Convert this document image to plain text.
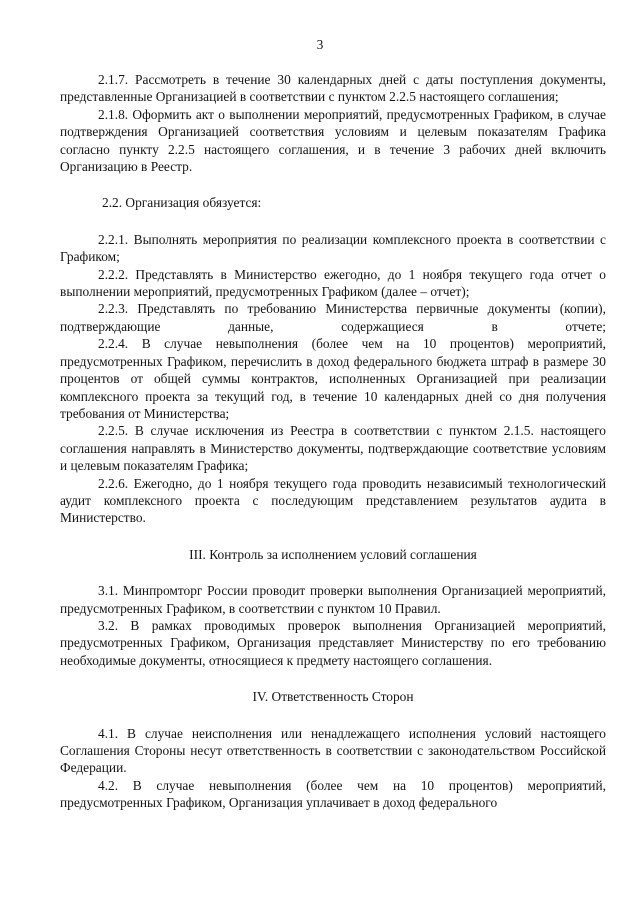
3

2.1.7. Рассмотреть в течение 30 календарных дней с даты поступления документы, представленные Организацией в соответствии с пунктом 2.2.5 настоящего соглашения;

2.1.8. Оформить акт о выполнении мероприятий, предусмотренных Графиком, в случае подтверждения Организацией соответствия условиям и целевым показателям Графика согласно пункту 2.2.5 настоящего соглашения, и в течение 3 рабочих дней включить Организацию в Реестр.

2.2. Организация обязуется:

2.2.1. Выполнять мероприятия по реализации комплексного проекта в соответствии с Графиком;

2.2.2. Представлять в Министерство ежегодно, до 1 ноября текущего года отчет о выполнении мероприятий, предусмотренных Графиком (далее – отчет);

2.2.3. Представлять по требованию Министерства первичные документы (копии), подтверждающие данные, содержащиеся в отчете;

2.2.4. В случае невыполнения (более чем на 10 процентов) мероприятий, предусмотренных Графиком, перечислить в доход федерального бюджета штраф в размере 30 процентов от общей суммы контрактов, исполненных Организацией при реализации комплексного проекта за текущий год, в течение 10 календарных дней со дня получения требования от Министерства;

2.2.5. В случае исключения из Реестра в соответствии с пунктом 2.1.5. настоящего соглашения направлять в Министерство документы, подтверждающие соответствие условиям и целевым показателям Графика;

2.2.6. Ежегодно, до 1 ноября текущего года проводить независимый технологический аудит комплексного проекта с последующим представлением результатов аудита в Министерство.

III. Контроль за исполнением условий соглашения

3.1. Минпромторг России проводит проверки выполнения Организацией мероприятий, предусмотренных Графиком, в соответствии с пунктом 10 Правил.

3.2. В рамках проводимых проверок выполнения Организацией мероприятий, предусмотренных Графиком, Организация представляет Министерству по его требованию необходимые документы, относящиеся к предмету настоящего соглашения.

IV. Ответственность Сторон

4.1. В случае неисполнения или ненадлежащего исполнения условий настоящего Соглашения Стороны несут ответственность в соответствии с законодательством Российской Федерации.

4.2. В случае невыполнения (более чем на 10 процентов) мероприятий, предусмотренных Графиком, Организация уплачивает в доход федерального
